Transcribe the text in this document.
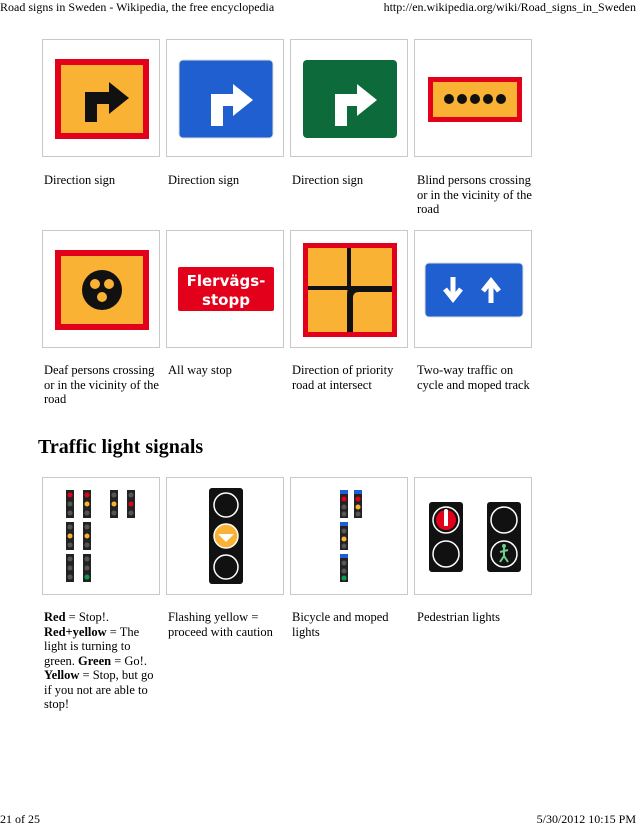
Road signs in Sweden - Wikipedia, the free encyclopedia	http://en.wikipedia.org/wiki/Road_signs_in_Sweden
Direction sign	Direction sign	Direction sign	Blind persons crossing or in the vicinity of the road
Flervägs-
stopp
Deaf persons crossing or in the vicinity of the road
All way stop	Direction of priority road at intersect
Two-way traffic on cycle and moped track
Traffic light signals
Red = Stop!. Red+yellow = The light is turning to green. Green = Go!. Yellow = Stop, but go if you not are able to stop!
Flashing yellow = proceed with caution
Bicycle and moped lights
Pedestrian lights
21 of 25	5/30/2012 10:15 PM
